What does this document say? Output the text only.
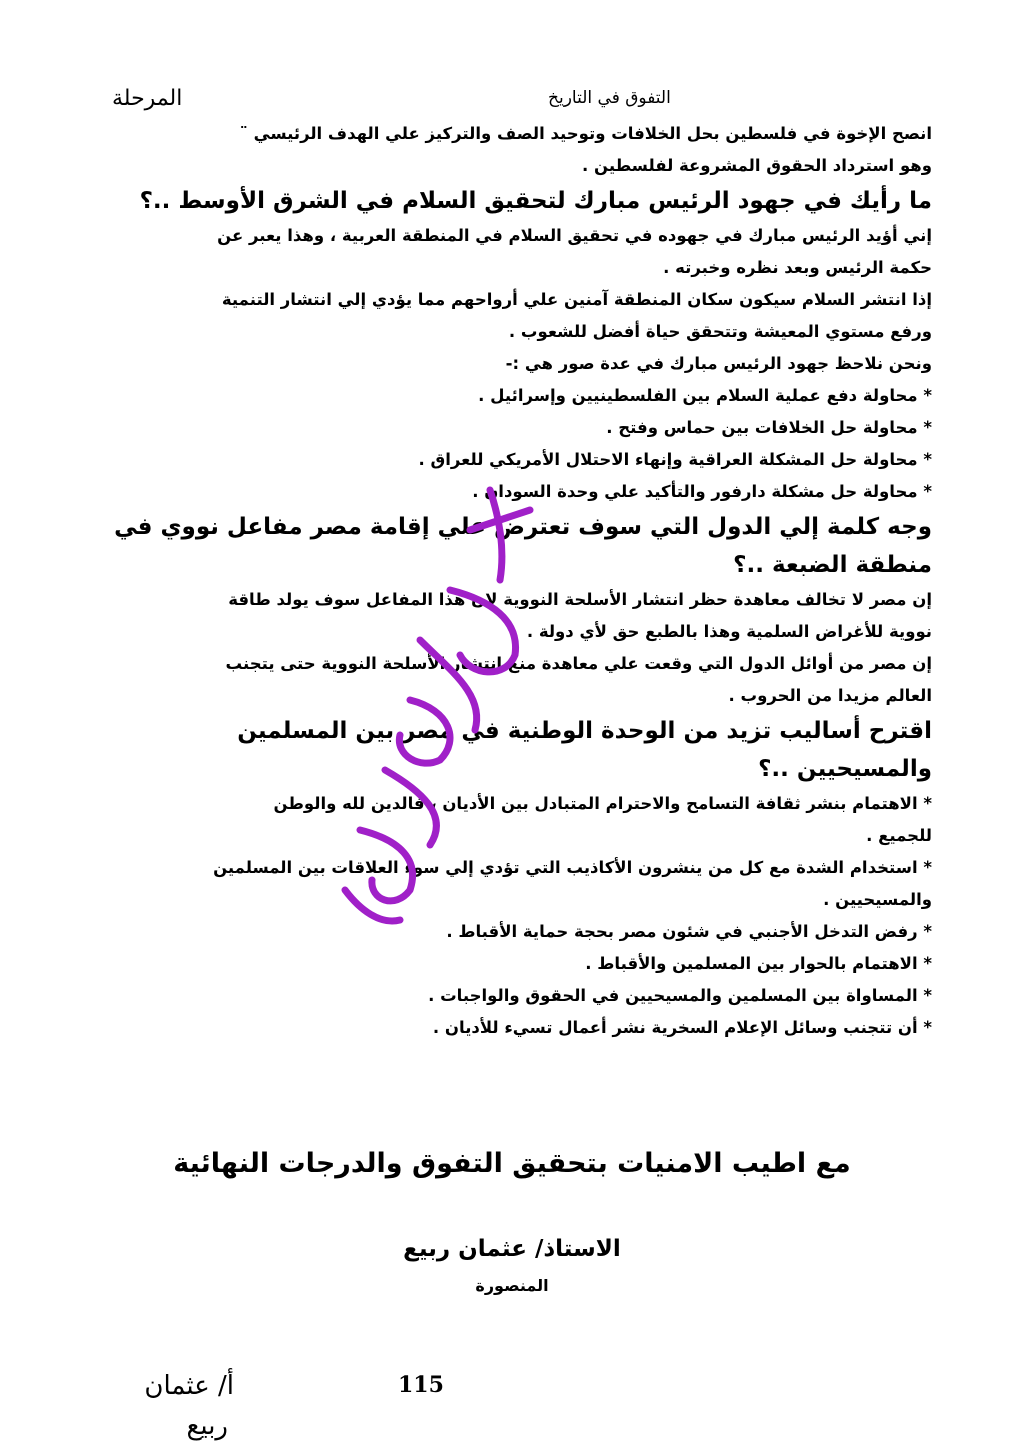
المرحلة	التفوق في التاريخ
انصح الإخوة في فلسطين بحل الخلافات وتوحيد الصف والتركيز علي الهدف الرئيسي ¨
وهو استرداد الحقوق المشروعة لفلسطين .
ما رأيك في جهود الرئيس مبارك لتحقيق السلام في الشرق الأوسط ..؟
إني أؤيد الرئيس مبارك في جهوده في تحقيق السلام في المنطقة العربية ، وهذا يعبر عن
حكمة الرئيس وبعد نظره وخبرته .
إذا انتشر السلام سيكون سكان المنطقة آمنين علي أرواحهم مما يؤدي إلي انتشار التنمية
ورفع مستوي المعيشة وتتحقق حياة أفضل للشعوب .
ونحن نلاحظ جهود الرئيس مبارك في عدة صور هي :-
* محاولة دفع عملية السلام بين الفلسطينيين وإسرائيل .
* محاولة حل الخلافات بين حماس وفتح .
* محاولة حل المشكلة العراقية وإنهاء الاحتلال الأمريكي للعراق .
* محاولة حل مشكلة دارفور والتأكيد علي وحدة السودان .
وجه كلمة إلي الدول التي سوف تعترض علي إقامة مصر مفاعل نووي في
منطقة الضبعة ..؟
إن مصر لا تخالف معاهدة حظر انتشار الأسلحة النووية لان هذا المفاعل سوف يولد طاقة
نووية للأغراض السلمية وهذا بالطبع حق لأي دولة .
إن مصر من أوائل الدول التي وقعت علي معاهدة منع انتشار الأسلحة النووية حتى يتجنب
العالم مزيدا من الحروب .
اقترح أساليب تزيد من الوحدة الوطنية في مصر بين المسلمين
والمسيحيين ..؟
* الاهتمام بنشر ثقافة التسامح والاحترام المتبادل بين الأديان ، فالدين لله والوطن
للجميع .
* استخدام الشدة مع كل من ينشرون الأكاذيب التي تؤدي إلي سوء العلاقات بين المسلمين
والمسيحيين .
* رفض التدخل الأجنبي في شئون مصر بحجة حماية الأقباط .
* الاهتمام بالحوار بين المسلمين والأقباط .
* المساواة بين المسلمين والمسيحيين في الحقوق والواجبات .
* أن تتجنب وسائل الإعلام السخرية نشر أعمال تسيء للأديان .
مع اطيب الامنيات بتحقيق التفوق والدرجات النهائية
الاستاذ/ عثمان ربيع
المنصورة
أ/ عثمان
ربيع
115
